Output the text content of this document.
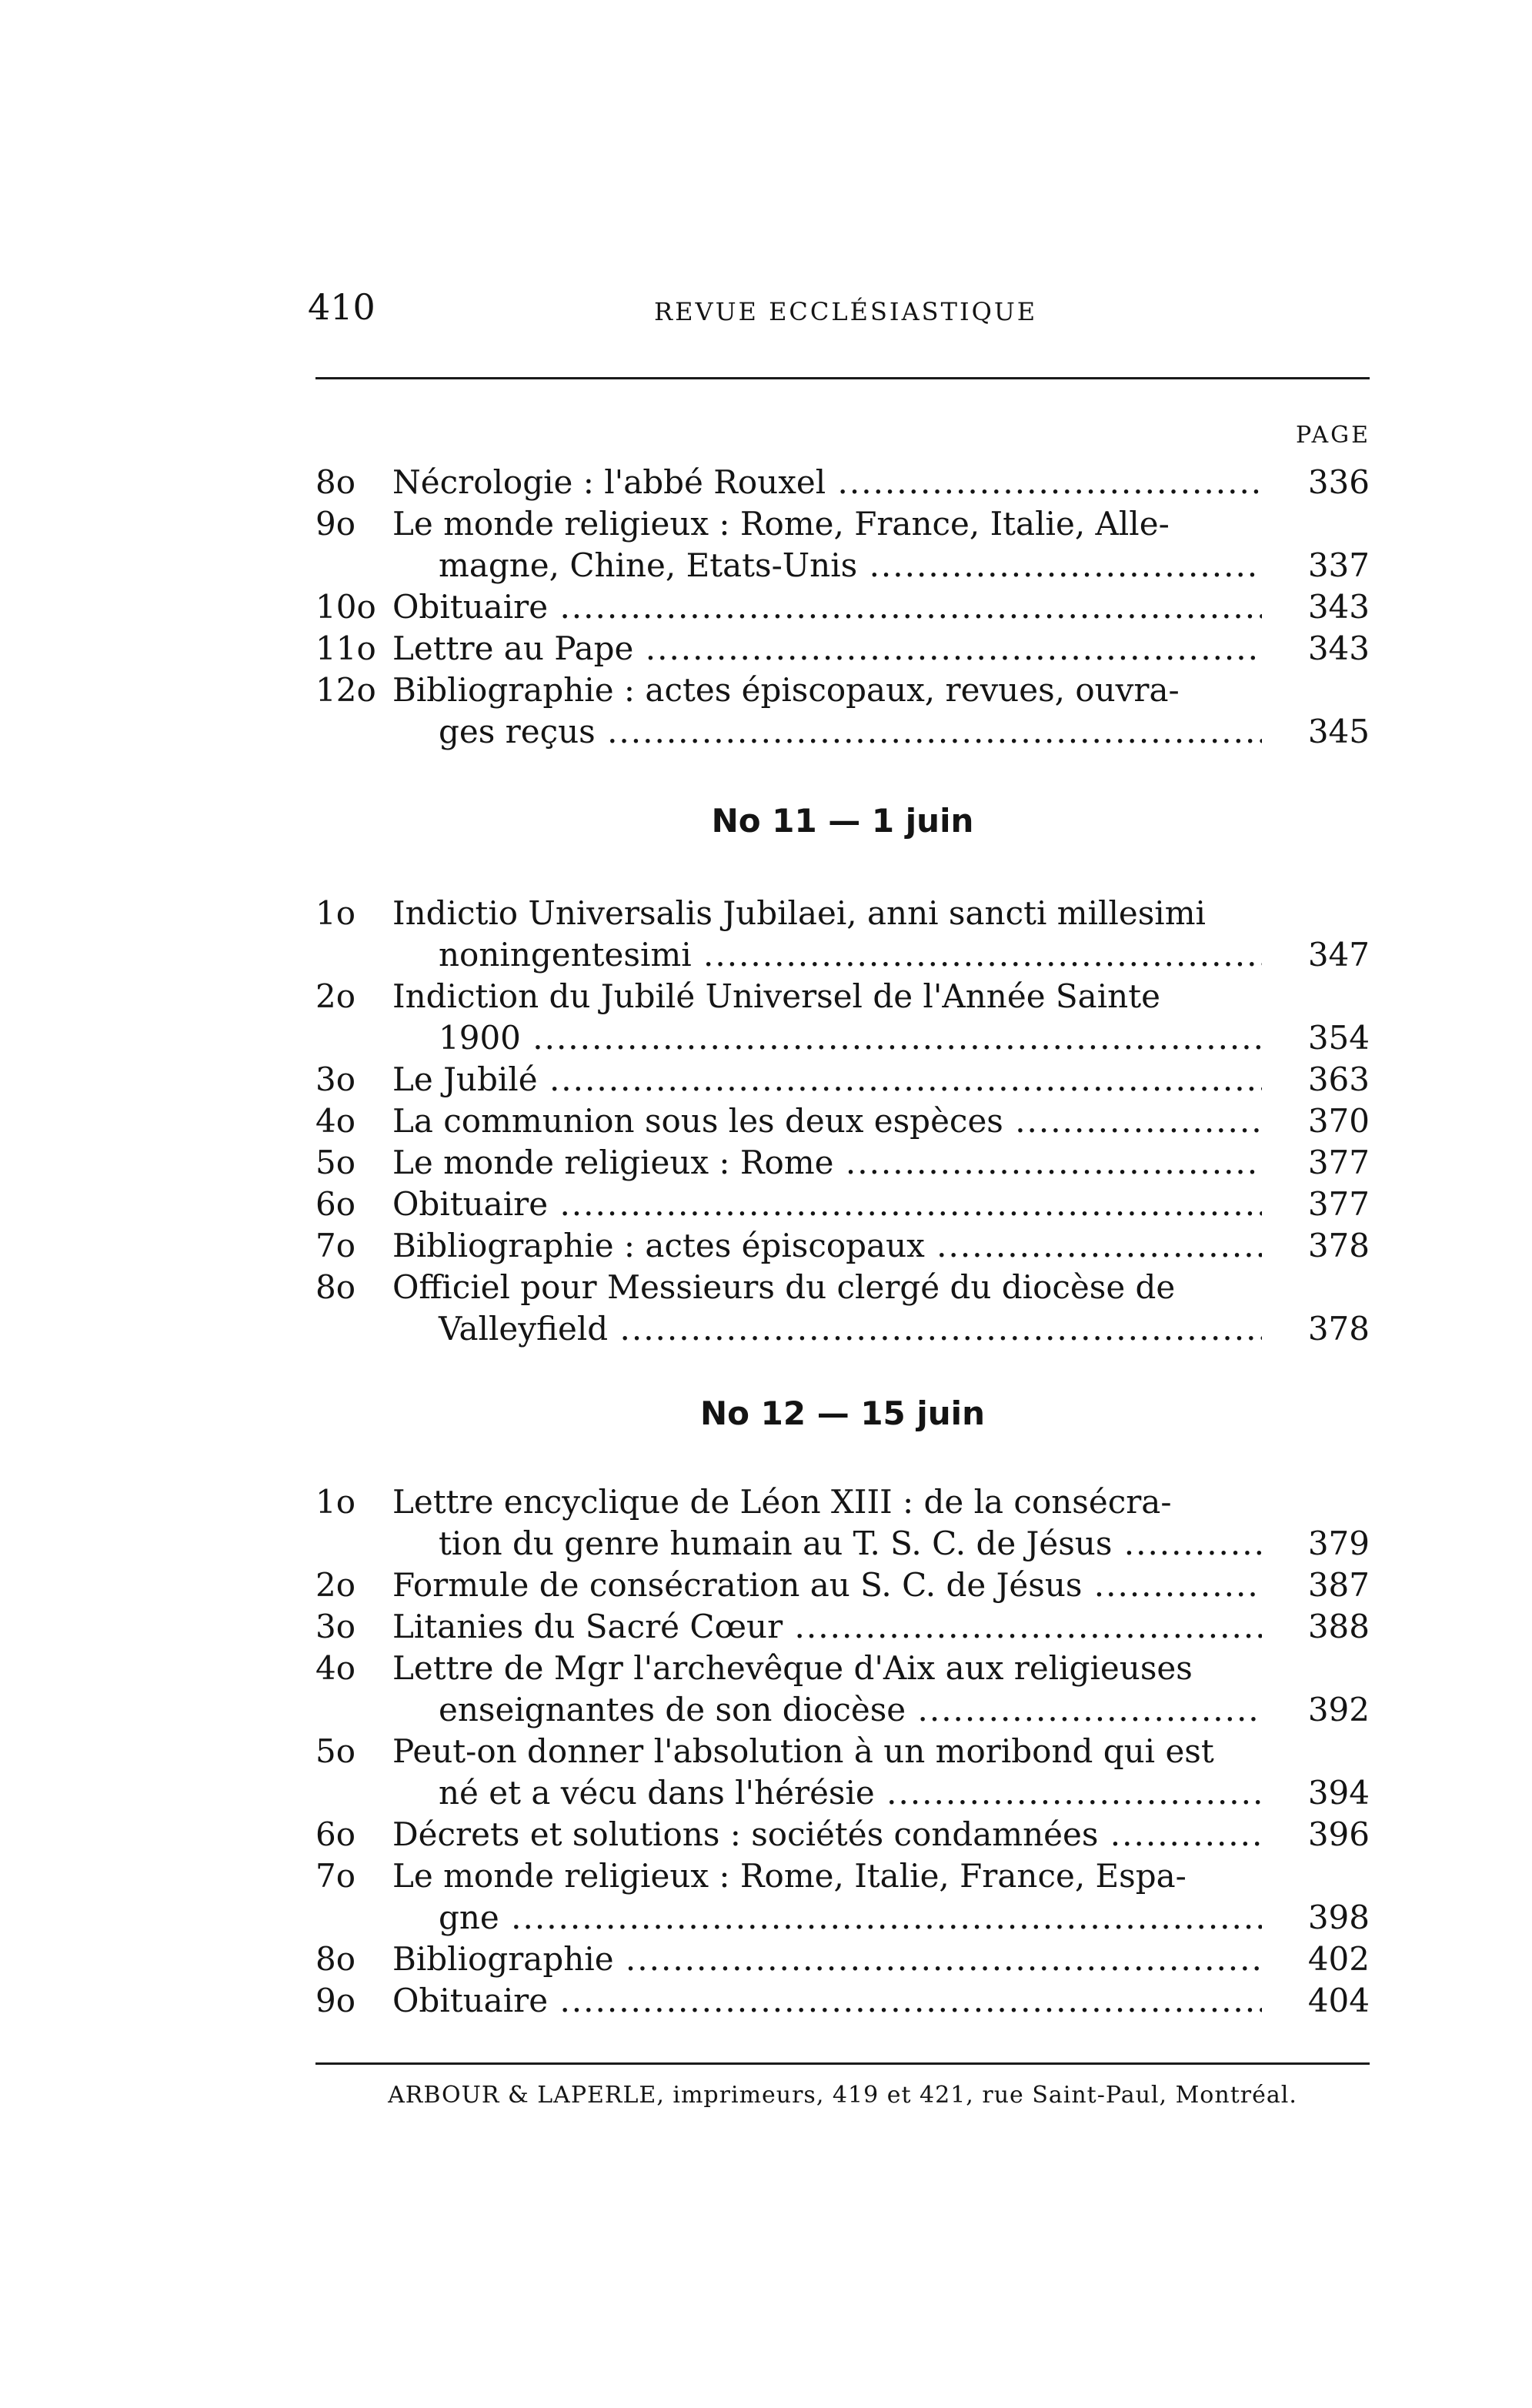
410	REVUE ECCLÉSIASTIQUE
PAGE
8o	Nécrologie : l'abbé Rouxel .....	336
9o	Le monde religieux : Rome, France, Italie, Alle-
magne, Chine, Etats-Unis .....	337
10o Obituaire .....	343
11o Lettre au Pape .....	343
12o Bibliographie : actes épiscopaux, revues, ouvra-
ges reçus .....	345
No 11 — 1 juin
1o	Indictio Universalis Jubilaei, anni sancti millesimi
noningentesimi .....	347
2o	Indiction du Jubilé Universel de l'Année Sainte
1900 .....	354
3o	Le Jubilé .....	363
4o	La communion sous les deux espèces .....	370
5o	Le monde religieux : Rome .....	377
6o	Obituaire .....	377
7o	Bibliographie : actes épiscopaux .....	378
8o	Officiel pour Messieurs du clergé du diocèse de
Valleyfield .....	378
No 12 — 15 juin
1o	Lettre encyclique de Léon XIII : de la consécra-
tion du genre humain au T. S. C. de Jésus .....	379
2o	Formule de consécration au S. C. de Jésus .....	387
3o	Litanies du Sacré Cœur .....	388
4o	Lettre de Mgr l'archevêque d'Aix aux religieuses
enseignantes de son diocèse .....	392
5o	Peut-on donner l'absolution à un moribond qui est
né et a vécu dans l'hérésie .....	394
6o	Décrets et solutions : sociétés condamnées .....	396
7o	Le monde religieux : Rome, Italie, France, Espa-
gne .....	398
8o	Bibliographie .....	402
9o	Obituaire .....	404
ARBOUR & LAPERLE, imprimeurs, 419 et 421, rue Saint-Paul, Montréal.
